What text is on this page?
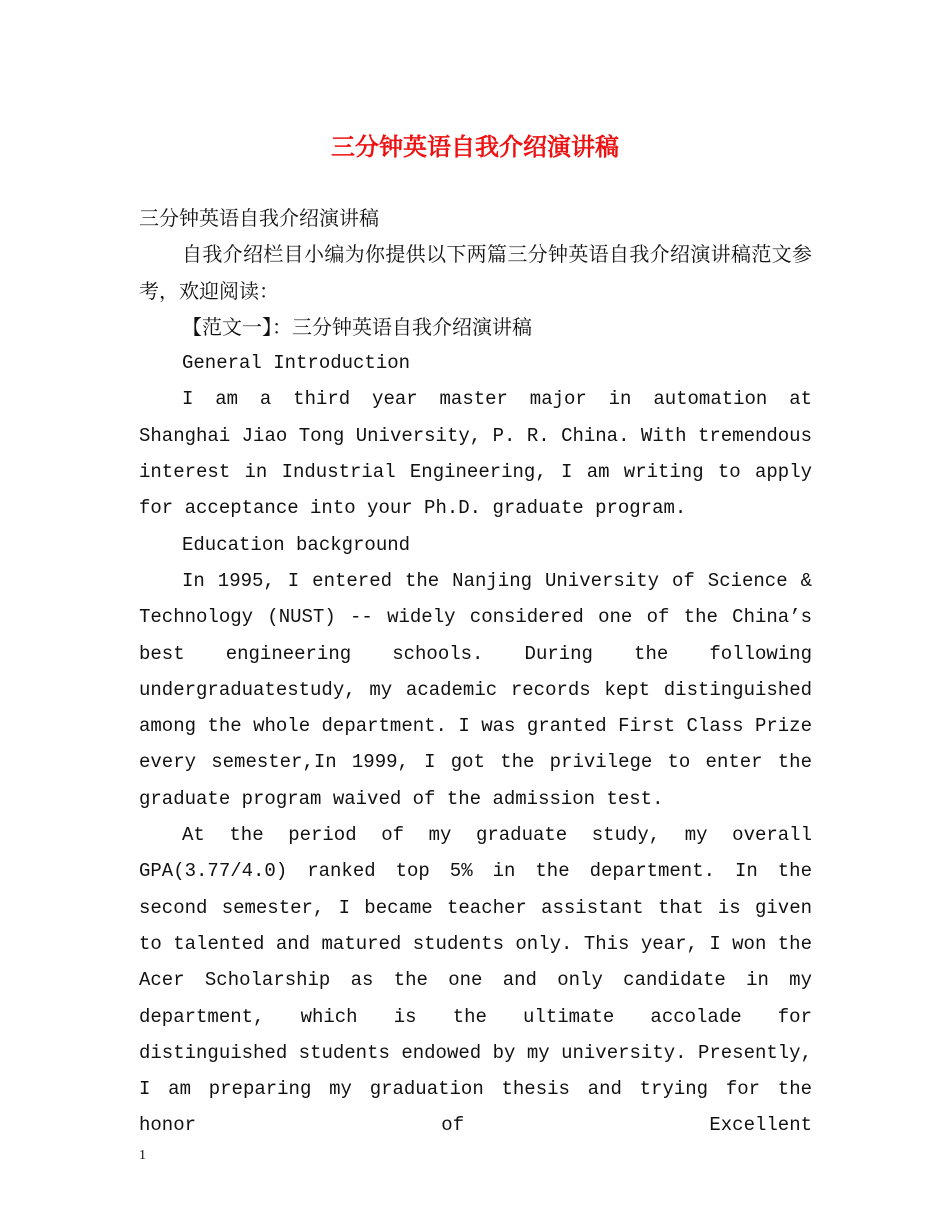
三分钟英语自我介绍演讲稿

三分钟英语自我介绍演讲稿

自我介绍栏目小编为你提供以下两篇三分钟英语自我介绍演讲稿范文参考，欢迎阅读：

【范文一】：三分钟英语自我介绍演讲稿

General Introduction

I am a third year master major in automation at Shanghai Jiao Tong University, P. R. China. With tremendous interest in Industrial Engineering, I am writing to apply for acceptance into your Ph.D. graduate program.

Education background

In 1995, I entered the Nanjing University of Science & Technology (NUST) -- widely considered one of the China’s best engineering schools. During the following undergraduatestudy, my academic records kept distinguished among the whole department. I was granted First Class Prize every semester,In 1999, I got the privilege to enter the graduate program waived of the admission test.

At the period of my graduate study, my overall GPA(3.77/4.0) ranked top 5% in the department. In the second semester, I became teacher assistant that is given to talented and matured students only. This year, I won the Acer Scholarship as the one and only candidate in my department, which is the ultimate accolade for distinguished students endowed by my university. Presently, I am preparing my graduation thesis and trying for the honor of Excellent

1
